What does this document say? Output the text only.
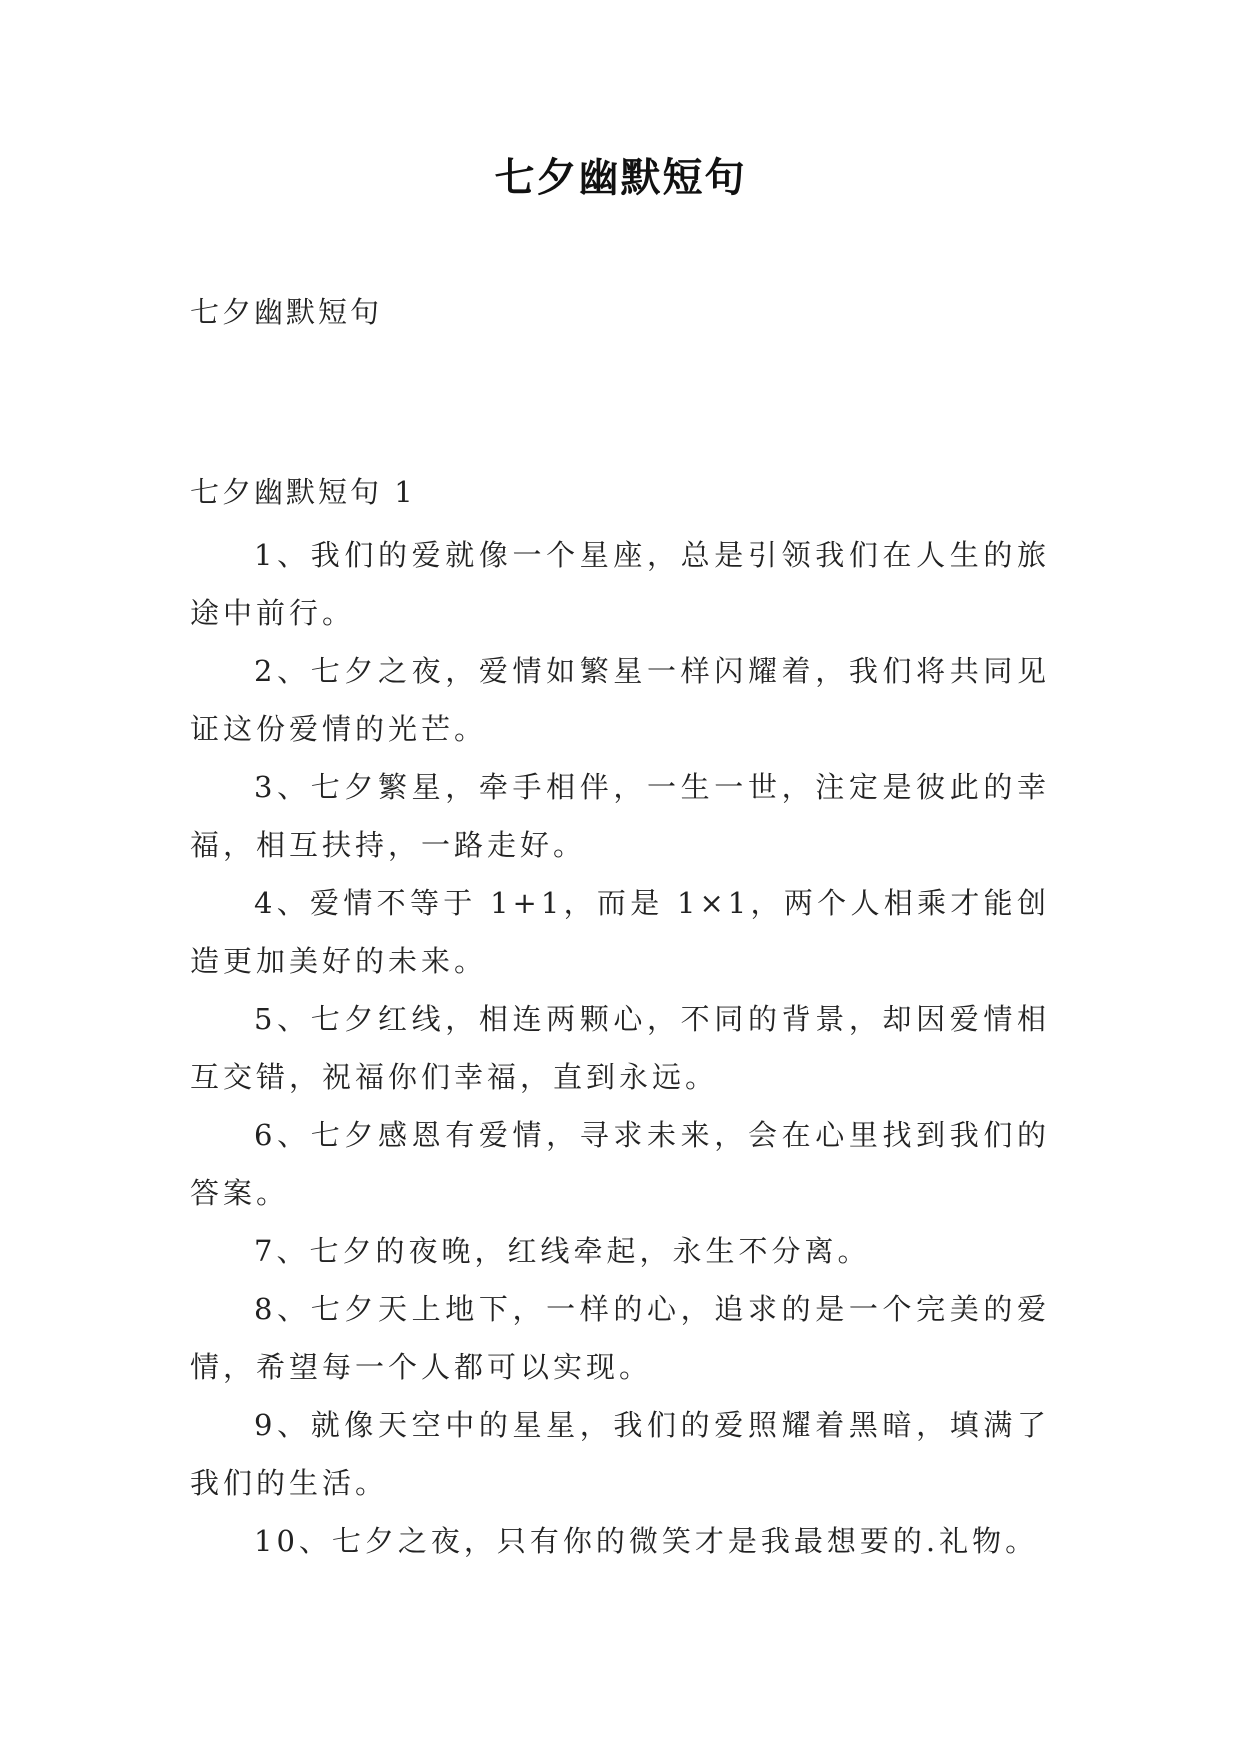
七夕幽默短句
七夕幽默短句
七夕幽默短句 1

1、我们的爱就像一个星座，总是引领我们在人生的旅途中前行。

2、七夕之夜，爱情如繁星一样闪耀着，我们将共同见证这份爱情的光芒。

3、七夕繁星，牵手相伴，一生一世，注定是彼此的幸福，相互扶持，一路走好。

4、爱情不等于 1+1，而是 1×1，两个人相乘才能创造更加美好的未来。

5、七夕红线，相连两颗心，不同的背景，却因爱情相互交错，祝福你们幸福，直到永远。

6、七夕感恩有爱情，寻求未来，会在心里找到我们的答案。

7、七夕的夜晚，红线牵起，永生不分离。

8、七夕天上地下，一样的心，追求的是一个完美的爱情，希望每一个人都可以实现。

9、就像天空中的星星，我们的爱照耀着黑暗，填满了我们的生活。

10、七夕之夜，只有你的微笑才是我最想要的.礼物。
